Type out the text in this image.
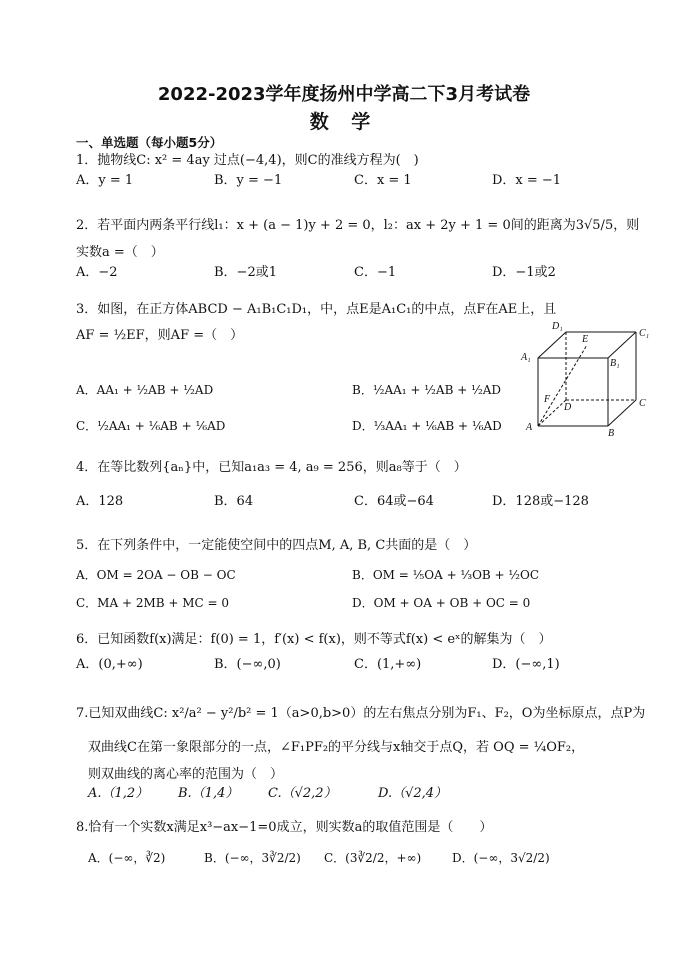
2022-2023学年度扬州中学高二下3月考试卷
数 学
一、单选题（每小题5分）
1．抛物线C: x² = 4ay 过点(−4,4)，则C的准线方程为(　)
A．y = 1	B．y = −1	C．x = 1	D．x = −1
2．若平面内两条平行线l₁：x + (a − 1)y + 2 = 0，l₂：ax + 2y + 1 = 0间的距离为3√5/5，则
实数a =（　）
A．−2	B．−2或1	C．−1	D．−1或2
3．如图，在正方体ABCD − A₁B₁C₁D₁，中，点E是A₁C₁的中点，点F在AE上，且
AF = ½EF，则AF =（　）
A．AA₁ + ½AB + ½AD	B．½AA₁ + ½AB + ½AD
C．½AA₁ + ⅙AB + ⅙AD	D．⅓AA₁ + ⅙AB + ⅙AD
D₁
E
C₁
A₁
B₁
F
D	C
A
B
4．在等比数列{aₙ}中，已知a₁a₃ = 4, a₉ = 256，则a₈等于（　）
A．128	B．64	C．64或−64	D．128或−128
5．在下列条件中，一定能使空间中的四点M, A, B, C共面的是（　）
A．OM = 2OA − OB − OC	B．OM = ⅕OA + ⅓OB + ½OC
C．MA + 2MB + MC = 0	D．OM + OA + OB + OC = 0
6．已知函数f(x)满足：f(0) = 1，f′(x) < f(x)，则不等式f(x) < eˣ的解集为（　）
A．(0,+∞)	B．(−∞,0)	C．(1,+∞)	D．(−∞,1)
7.已知双曲线C: x²/a² − y²/b² = 1（a>0,b>0）的左右焦点分别为F₁、F₂，O为坐标原点，点P为
双曲线C在第一象限部分的一点，∠F₁PF₂的平分线与x轴交于点Q，若 OQ = ¼OF₂，
则双曲线的离心率的范围为（　）
A.（1,2） B.（1,4） C.（√2,2）	D.（√2,4）
8.恰有一个实数x满足x³−ax−1=0成立，则实数a的取值范围是（　　）
A．(−∞，∛2)	B．(−∞，3∛2/2) C．(3∛2/2，+∞)	D．(−∞，3√2/2)
